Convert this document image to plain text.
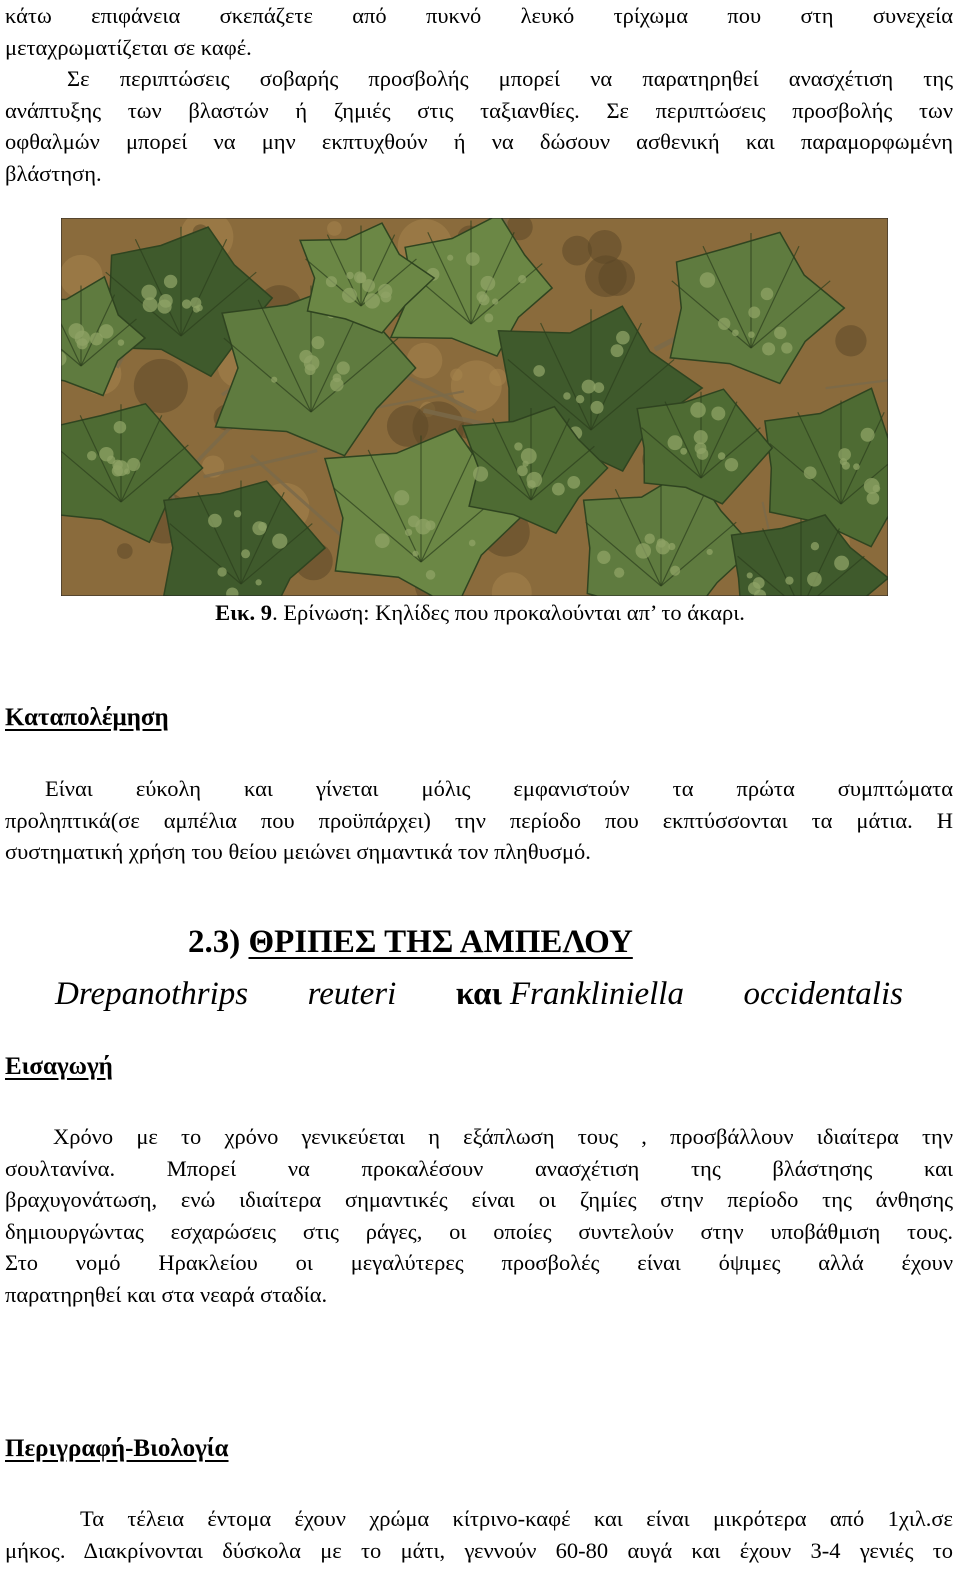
κάτω επιφάνεια σκεπάζετε από πυκνό λευκό τρίχωμα που στη συνεχεία
μεταχρωματίζεται σε καφέ.
Σε περιπτώσεις σοβαρής προσβολής μπορεί να παρατηρηθεί ανασχέτιση της
ανάπτυξης των βλαστών ή ζημιές στις ταξιανθίες. Σε περιπτώσεις προσβολής των
οφθαλμών μπορεί να μην εκπτυχθούν ή να δώσουν ασθενική και παραμορφωμένη
βλάστηση.
Εικ. 9. Ερίνωση: Κηλίδες που προκαλούνται απ’ το άκαρι.
Καταπολέμηση
Είναι εύκολη και γίνεται μόλις εμφανιστούν τα πρώτα συμπτώματα
προληπτικά(σε αμπέλια που προϋπάρχει) την περίοδο που εκπτύσσονται τα μάτια. Η
συστηματική χρήση του θείου μειώνει σημαντικά τον πληθυσμό.
2.3) ΘΡΙΠΕΣ ΤΗΣ ΑΜΠΕΛΟΥ
Drepanothrips reuteri και Frankliniella occidentalis
Εισαγωγή
Χρόνο με το χρόνο γενικεύεται η εξάπλωση τους , προσβάλλουν ιδιαίτερα την
σουλτανίνα. Μπορεί να προκαλέσουν ανασχέτιση της βλάστησης και
βραχυγονάτωση, ενώ ιδιαίτερα σημαντικές είναι οι ζημίες στην περίοδο της άνθησης
δημιουργώντας εσχαρώσεις στις ράγες, οι οποίες συντελούν στην υποβάθμιση τους.
Στο νομό Ηρακλείου οι μεγαλύτερες προσβολές είναι όψιμες αλλά έχουν
παρατηρηθεί και στα νεαρά σταδία.
Περιγραφή-Βιολογία
Τα τέλεια έντομα έχουν χρώμα κίτρινο-καφέ και είναι μικρότερα από 1χιλ.σε
μήκος. Διακρίνονται δύσκολα με το μάτι, γεννούν 60-80 αυγά και έχουν 3-4 γενιές το
